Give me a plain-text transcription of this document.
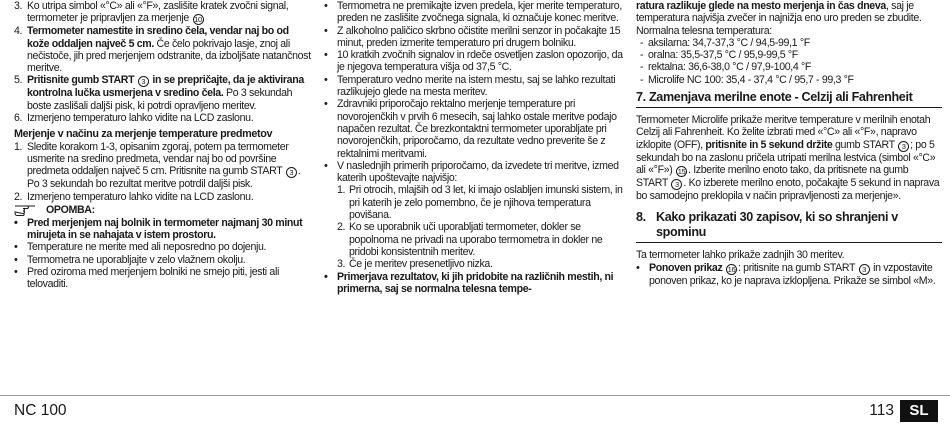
3. Ko utripa simbol «°C» ali «°F», zaslišite kratek zvočni signal, termometer je pripravljen za merjenje 10
4. Termometer namestite in sredino čela, vendar naj bo od kože oddaljen največ 5 cm. Če čelo pokrivajo lasje, znoj ali nečistoče, jih pred merjenjem odstranite, da izboljšate natančnost meritve.
5. Pritisnite gumb START 3 in se prepričajte, da je aktivirana kontrolna lučka usmerjena v sredino čela. Po 3 sekundah boste zaslišali daljši pisk, ki potrdi opravljeno meritev.
6. Izmerjeno temperaturo lahko vidite na LCD zaslonu.
Merjenje v načinu za merjenje temperature predmetov
1. Sledite korakom 1-3, opisanim zgoraj, potem pa termometer usmerite na sredino predmeta, vendar naj bo od površine predmeta oddaljen največ 5 cm. Pritisnite na gumb START 3 . Po 3 sekundah bo rezultat meritve potrdil daljši pisk.
2. Izmerjeno temperaturo lahko vidite na LCD zaslonu.
OPOMBA:
• Pred merjenjem naj bolnik in termometer najmanj 30 minut mirujeta in se nahajata v istem prostoru.
• Temperature ne merite med ali neposredno po dojenju.
• Termometra ne uporabljajte v zelo vlažnem okolju.
• Pred oziroma med merjenjem bolniki ne smejo piti, jesti ali telovaditi.
• Termometra ne premikajte izven predela, kjer merite temperaturo, preden ne zaslišite zvočnega signala, ki označuje konec meritve.
• Z alkoholno paličico skrbno očistite merilni senzor in počakajte 15 minut, preden izmerite temperaturo pri drugem bolniku.
• 10 kratkih zvočnih signalov in rdeče osvetljen zaslon opozorijo, da je njegova temperatura višja od 37,5 °C.
• Temperaturo vedno merite na istem mestu, saj se lahko rezultati razlikujejo glede na mesta meritev.
• Zdravniki priporočajo rektalno merjenje temperature pri novorojenčkih v prvih 6 mesecih, saj lahko ostale meritve podajo napačen rezultat. Če brezkontaktni termometer uporabljate pri novorojenčkih, priporočamo, da rezultate vedno preverite še z rektalnimi meritvami.
• V naslednjih primerih priporočamo, da izvedete tri meritve, izmed katerih upoštevajte najvišjo:
1. Pri otrocih, mlajših od 3 let, ki imajo oslabljen imunski sistem, in pri katerih je zelo pomembno, če je njihova temperatura povišana.
2. Ko se uporabnik uči uporabljati termometer, dokler se popolnoma ne privadi na uporabo termometra in dokler ne pridobi konsistentnih meritev.
3. Če je meritev presenetljivo nizka.
• Primerjava rezultatov, ki jih pridobite na različnih mestih, ni primerna, saj se normalna telesna tempe-
ratura razlikuje glede na mesto merjenja in čas dneva, saj je temperatura najvišja zvečer in najnižja eno uro preden se zbudite.
Normalna telesna temperatura:
- aksilarna: 34,7-37,3 °C / 94,5-99,1 °F
- oralna: 35,5-37,5 °C / 95,9-99,5 °F
- rektalna: 36,6-38,0 °C / 97,9-100,4 °F
- Microlife NC 100: 35,4 - 37,4 °C / 95,7 - 99,3 °F
7. Zamenjava merilne enote - Celzij ali Fahrenheit
Termometer Microlife prikaže meritve temperature v merilnih enotah Celzij ali Fahrenheit. Ko želite izbrati med «°C» ali «°F», napravo izklopite (OFF), pritisnite in 5 sekund držite gumb START 3 ; po 5 sekundah bo na zaslonu pričela utripati merilna lestvica (simbol «°C» ali «°F») 15 . Izberite merilno enoto tako, da pritisnete na gumb START 3 . Ko izberete merilno enoto, počakajte 5 sekund in naprava bo samodejno preklopila v način pripravljenosti za merjenje».
8. Kako prikazati 30 zapisov, ki so shranjeni v spominu
Ta termometer lahko prikaže zadnjih 30 meritev.
• Ponoven prikaz 16 : pritisnite na gumb START 3 in vzpostavite ponoven prikaz, ko je naprava izklopljena. Prikaže se simbol «M».
NC 100	113	SL
